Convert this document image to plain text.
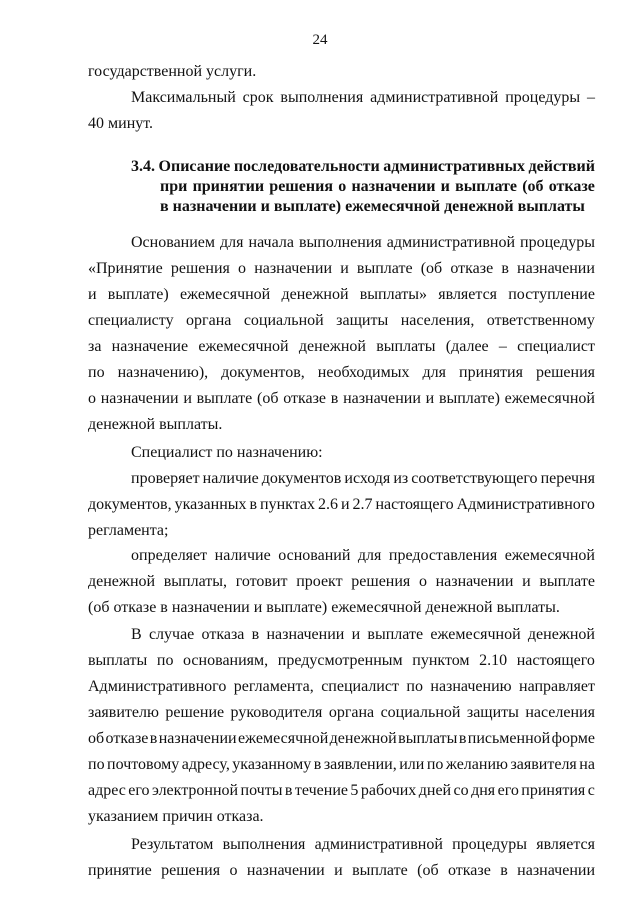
24
государственной услуги.
Максимальный срок выполнения административной процедуры –
40 минут.
3.4. Описание последовательности административных действий
при принятии решения о назначении и выплате (об отказе
в назначении и выплате) ежемесячной денежной выплаты
Основанием для начала выполнения административной процедуры
«Принятие решения о назначении и выплате (об отказе в назначении
и выплате) ежемесячной денежной выплаты» является поступление
специалисту органа социальной защиты населения, ответственному
за назначение ежемесячной денежной выплаты (далее – специалист
по назначению), документов, необходимых для принятия решения
о назначении и выплате (об отказе в назначении и выплате) ежемесячной
денежной выплаты.
Специалист по назначению:
проверяет наличие документов исходя из соответствующего перечня
документов, указанных в пунктах 2.6 и 2.7 настоящего Административного
регламента;
определяет наличие оснований для предоставления ежемесячной
денежной выплаты, готовит проект решения о назначении и выплате
(об отказе в назначении и выплате) ежемесячной денежной выплаты.
В случае отказа в назначении и выплате ежемесячной денежной
выплаты по основаниям, предусмотренным пунктом 2.10 настоящего
Административного регламента, специалист по назначению направляет
заявителю решение руководителя органа социальной защиты населения
об отказе в назначении ежемесячной денежной выплаты в письменной форме
по почтовому адресу, указанному в заявлении, или по желанию заявителя на
адрес его электронной почты в течение 5 рабочих дней со дня его принятия с
указанием причин отказа.
Результатом выполнения административной процедуры является
принятие решения о назначении и выплате (об отказе в назначении
